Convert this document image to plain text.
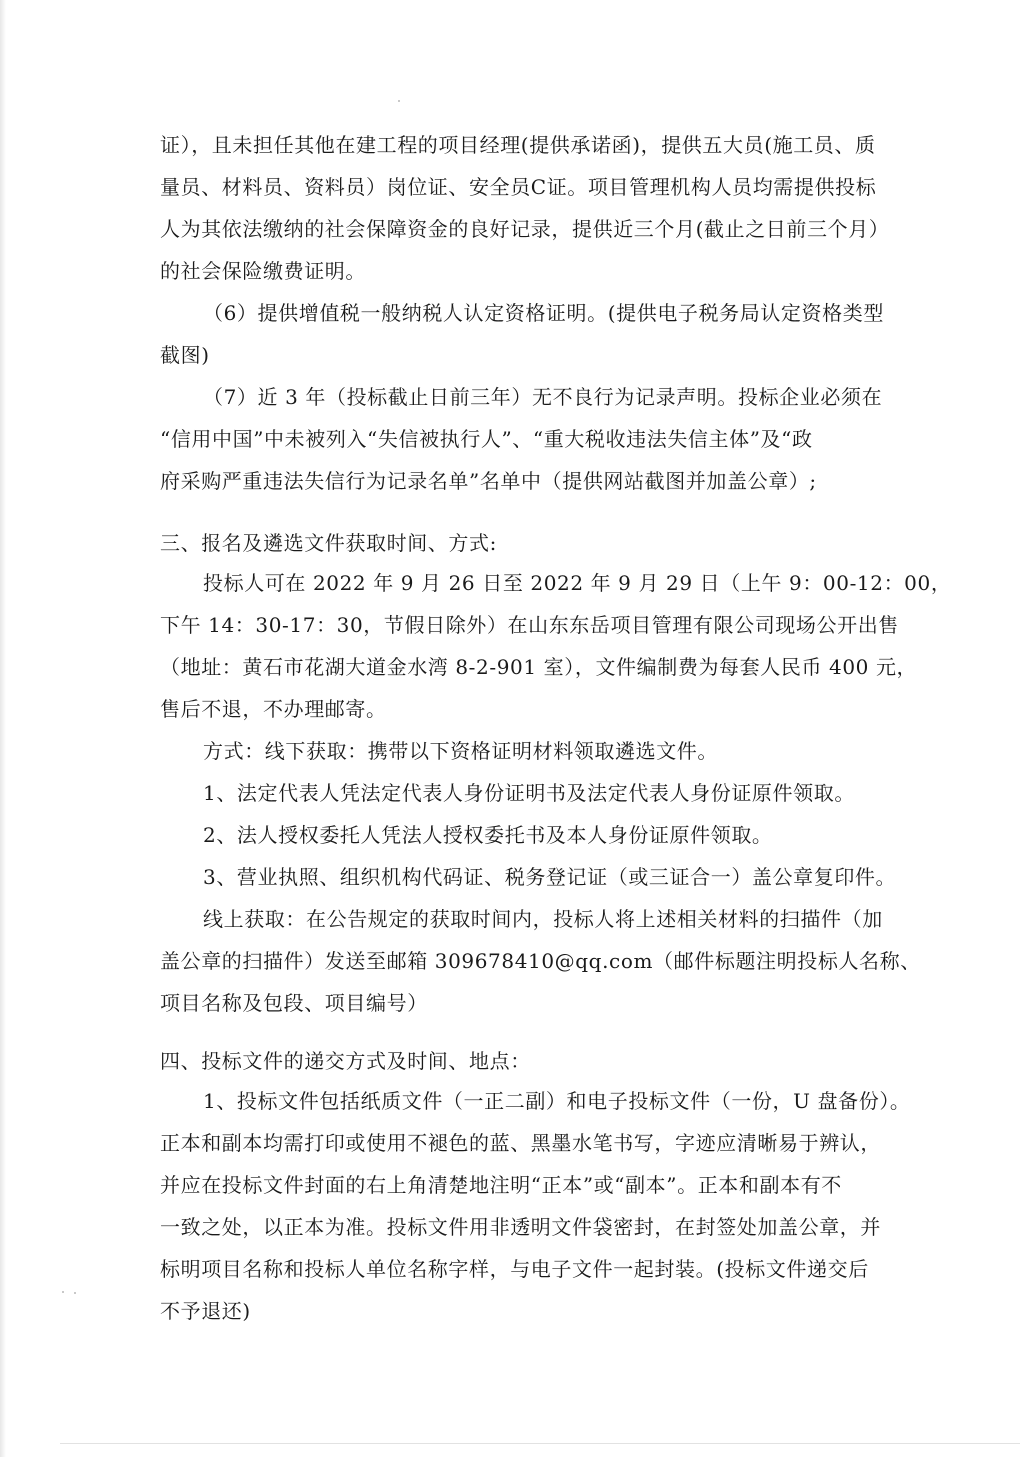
证），且未担任其他在建工程的项目经理(提供承诺函)，提供五大员(施工员、质
量员、材料员、资料员）岗位证、安全员C证。项目管理机构人员均需提供投标
人为其依法缴纳的社会保障资金的良好记录，提供近三个月(截止之日前三个月）
的社会保险缴费证明。
（6）提供增值税一般纳税人认定资格证明。(提供电子税务局认定资格类型
截图)
（7）近 3 年（投标截止日前三年）无不良行为记录声明。投标企业必须在
“信用中国”中未被列入“失信被执行人”、“重大税收违法失信主体”及“政
府采购严重违法失信行为记录名单”名单中（提供网站截图并加盖公章）;
三、报名及遴选文件获取时间、方式:
投标人可在 2022 年 9 月 26 日至 2022 年 9 月 29 日（上午 9：00-12：00，
下午 14：30-17：30，节假日除外）在山东东岳项目管理有限公司现场公开出售
（地址：黄石市花湖大道金水湾 8-2-901 室），文件编制费为每套人民币 400 元，
售后不退，不办理邮寄。
方式：线下获取：携带以下资格证明材料领取遴选文件。
1、法定代表人凭法定代表人身份证明书及法定代表人身份证原件领取。
2、法人授权委托人凭法人授权委托书及本人身份证原件领取。
3、营业执照、组织机构代码证、税务登记证（或三证合一）盖公章复印件。
线上获取：在公告规定的获取时间内，投标人将上述相关材料的扫描件（加
盖公章的扫描件）发送至邮箱 309678410@qq.com（邮件标题注明投标人名称、
项目名称及包段、项目编号）
四、投标文件的递交方式及时间、地点：
1、投标文件包括纸质文件（一正二副）和电子投标文件（一份，U 盘备份）。
正本和副本均需打印或使用不褪色的蓝、黑墨水笔书写，字迹应清晰易于辨认，
并应在投标文件封面的右上角清楚地注明“正本”或“副本”。正本和副本有不
一致之处，以正本为准。投标文件用非透明文件袋密封，在封签处加盖公章，并
标明项目名称和投标人单位名称字样，与电子文件一起封装。(投标文件递交后
不予退还)
